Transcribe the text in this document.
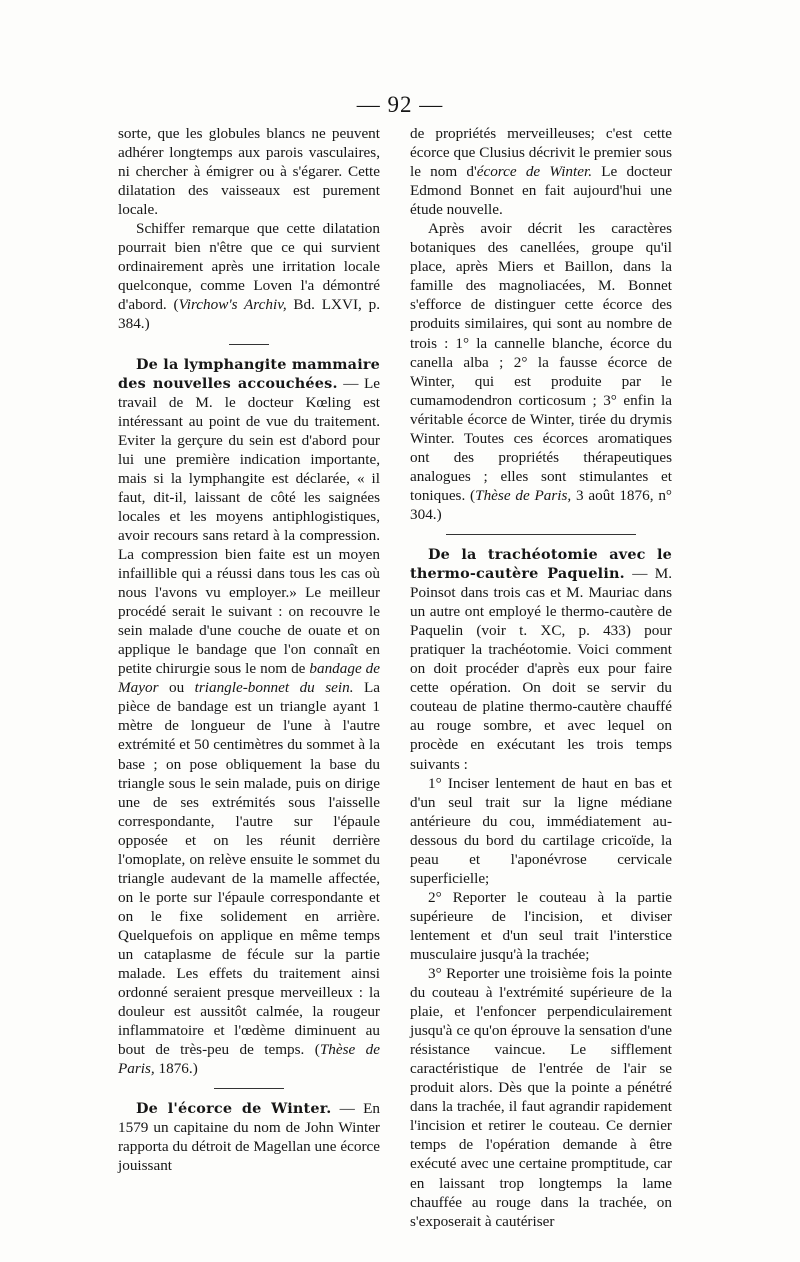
— 92 —

sorte, que les globules blancs ne peuvent adhérer longtemps aux parois vasculaires, ni chercher à émigrer ou à s'égarer. Cette dilatation des vaisseaux est purement locale.

Schiffer remarque que cette dilatation pourrait bien n'être que ce qui survient ordinairement après une irritation locale quelconque, comme Loven l'a démontré d'abord. (Virchow's Archiv, Bd. LXVI, p. 384.)

De la lymphangite mammaire des nouvelles accouchées. — Le travail de M. le docteur Kœling est intéressant au point de vue du traitement. Eviter la gerçure du sein est d'abord pour lui une première indication importante, mais si la lymphangite est déclarée, « il faut, dit-il, laissant de côté les saignées locales et les moyens antiphlogistiques, avoir recours sans retard à la compression. La compression bien faite est un moyen infaillible qui a réussi dans tous les cas où nous l'avons vu employer.» Le meilleur procédé serait le suivant : on recouvre le sein malade d'une couche de ouate et on applique le bandage que l'on connaît en petite chirurgie sous le nom de bandage de Mayor ou triangle-bonnet du sein. La pièce de bandage est un triangle ayant 1 mètre de longueur de l'une à l'autre extrémité et 50 centimètres du sommet à la base ; on pose obliquement la base du triangle sous le sein malade, puis on dirige une de ses extrémités sous l'aisselle correspondante, l'autre sur l'épaule opposée et on les réunit derrière l'omoplate, on relève ensuite le sommet du triangle audevant de la mamelle affectée, on le porte sur l'épaule correspondante et on le fixe solidement en arrière. Quelquefois on applique en même temps un cataplasme de fécule sur la partie malade. Les effets du traitement ainsi ordonné seraient presque merveilleux : la douleur est aussitôt calmée, la rougeur inflammatoire et l'œdème diminuent au bout de très-peu de temps. (Thèse de Paris, 1876.)

De l'écorce de Winter. — En 1579 un capitaine du nom de John Winter rapporta du détroit de Magellan une écorce jouissant

de propriétés merveilleuses; c'est cette écorce que Clusius décrivit le premier sous le nom d'écorce de Winter. Le docteur Edmond Bonnet en fait aujourd'hui une étude nouvelle.

Après avoir décrit les caractères botaniques des canellées, groupe qu'il place, après Miers et Baillon, dans la famille des magnoliacées, M. Bonnet s'efforce de distinguer cette écorce des produits similaires, qui sont au nombre de trois : 1° la cannelle blanche, écorce du canella alba ; 2° la fausse écorce de Winter, qui est produite par le cumamodendron corticosum ; 3° enfin la véritable écorce de Winter, tirée du drymis Winter. Toutes ces écorces aromatiques ont des propriétés thérapeutiques analogues ; elles sont stimulantes et toniques. (Thèse de Paris, 3 août 1876, n° 304.)

De la trachéotomie avec le thermo-cautère Paquelin. — M. Poinsot dans trois cas et M. Mauriac dans un autre ont employé le thermo-cautère de Paquelin (voir t. XC, p. 433) pour pratiquer la trachéotomie. Voici comment on doit procéder d'après eux pour faire cette opération. On doit se servir du couteau de platine thermo-cautère chauffé au rouge sombre, et avec lequel on procède en exécutant les trois temps suivants :

1° Inciser lentement de haut en bas et d'un seul trait sur la ligne médiane antérieure du cou, immédiatement au-dessous du bord du cartilage cricoïde, la peau et l'aponévrose cervicale superficielle;

2° Reporter le couteau à la partie supérieure de l'incision, et diviser lentement et d'un seul trait l'interstice musculaire jusqu'à la trachée;

3° Reporter une troisième fois la pointe du couteau à l'extrémité supérieure de la plaie, et l'enfoncer perpendiculairement jusqu'à ce qu'on éprouve la sensation d'une résistance vaincue. Le sifflement caractéristique de l'entrée de l'air se produit alors. Dès que la pointe a pénétré dans la trachée, il faut agrandir rapidement l'incision et retirer le couteau. Ce dernier temps de l'opération demande à être exécuté avec une certaine promptitude, car en laissant trop longtemps la lame chauffée au rouge dans la trachée, on s'exposerait à cautériser
